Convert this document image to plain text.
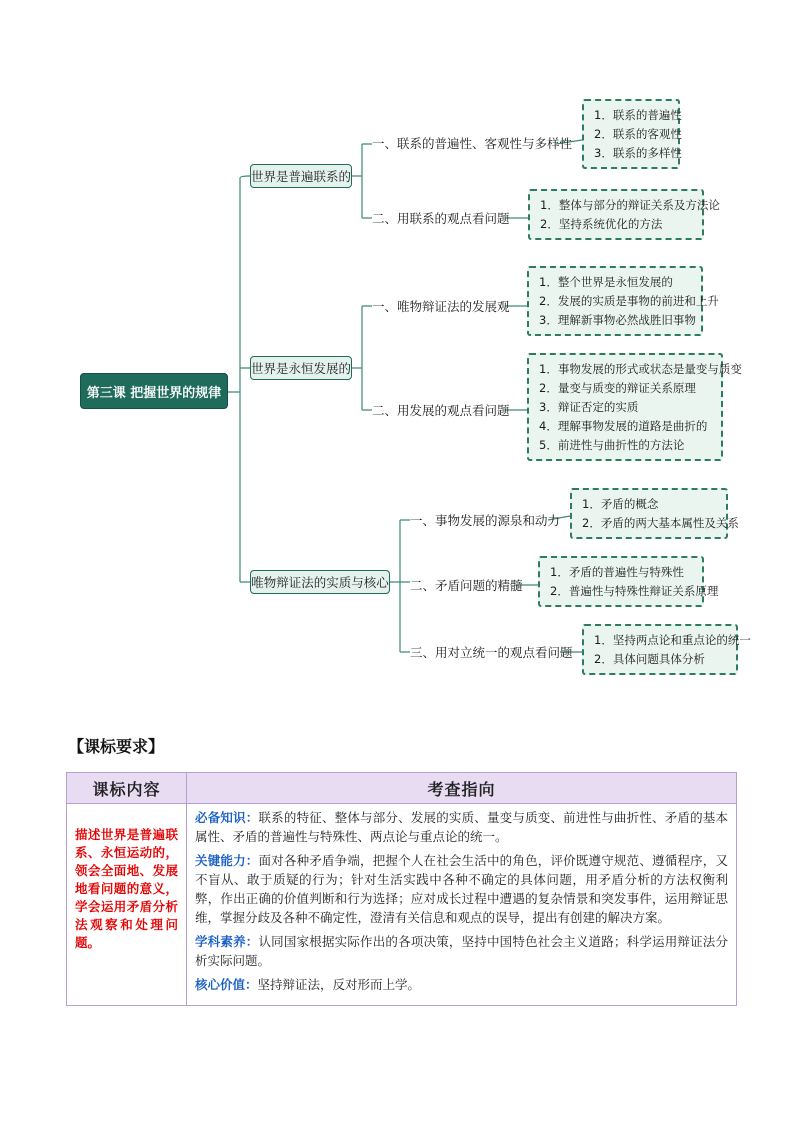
第三课 把握世界的规律
世界是普遍联系的
世界是永恒发展的
唯物辩证法的实质与核心
一、联系的普遍性、客观性与多样性
二、用联系的观点看问题
一、唯物辩证法的发展观
二、用发展的观点看问题
一、事物发展的源泉和动力
二、矛盾问题的精髓
三、用对立统一的观点看问题
1．联系的普遍性
2．联系的客观性
3．联系的多样性
1．整体与部分的辩证关系及方法论
2．坚持系统优化的方法
1．整个世界是永恒发展的
2．发展的实质是事物的前进和上升
3．理解新事物必然战胜旧事物
1．事物发展的形式或状态是量变与质变
2．量变与质变的辩证关系原理
3．辩证否定的实质
4．理解事物发展的道路是曲折的
5．前进性与曲折性的方法论
1．矛盾的概念
2．矛盾的两大基本属性及关系
1．矛盾的普遍性与特殊性
2．普遍性与特殊性辩证关系原理
1．坚持两点论和重点论的统一
2．具体问题具体分析
【课标要求】
课标内容	考查指向
描述世界是普遍联系、永恒运动的，领会全面地、发展地看问题的意义，学会运用矛盾分析法观察和处理问题。	必备知识：联系的特征、整体与部分、发展的实质、量变与质变、前进性与曲折性、矛盾的基本属性、矛盾的普遍性与特殊性、两点论与重点论的统一。

关键能力：面对各种矛盾争端，把握个人在社会生活中的角色，评价既遵守规范、遵循程序，又不盲从、敢于质疑的行为；针对生活实践中各种不确定的具体问题，用矛盾分析的方法权衡利弊，作出正确的价值判断和行为选择；应对成长过程中遭遇的复杂情景和突发事件，运用辩证思维，掌握分歧及各种不确定性，澄清有关信息和观点的误导，提出有创建的解决方案。

学科素养：认同国家根据实际作出的各项决策，坚持中国特色社会主义道路；科学运用辩证法分析实际问题。

核心价值：坚持辩证法，反对形而上学。
